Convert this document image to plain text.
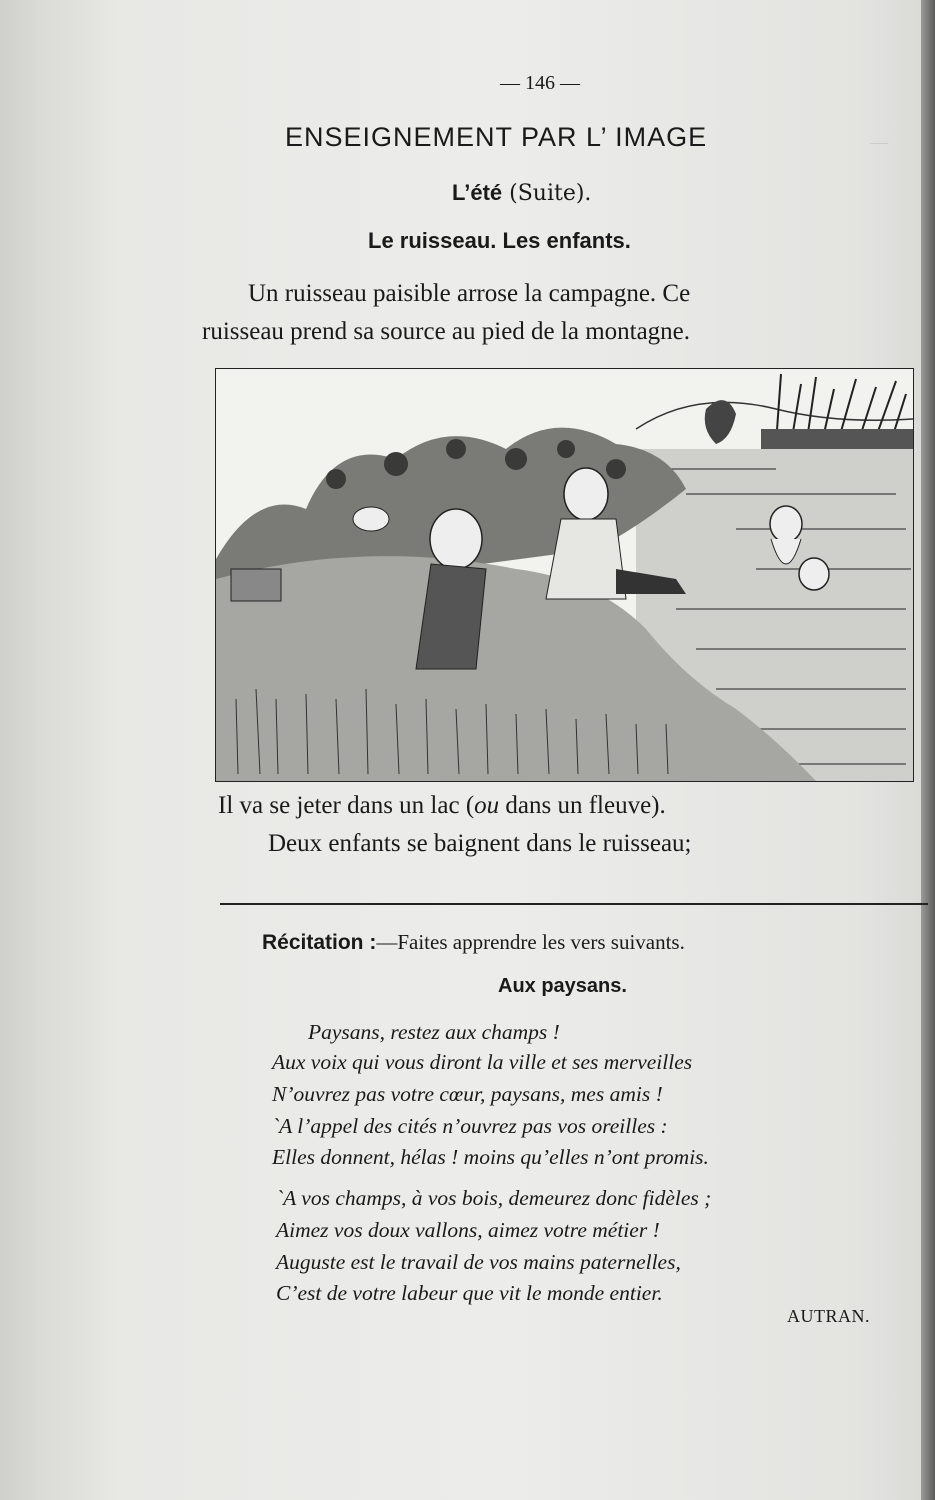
—
— 146 —
ENSEIGNEMENT PAR L’ IMAGE
L’été (Suite).
Le ruisseau. Les enfants.
Un ruisseau paisible arrose la campagne. Ce
ruisseau prend sa source au pied de la montagne.
Il va se jeter dans un lac (ou dans un fleuve).
Deux enfants se baignent dans le ruisseau;
Récitation :—Faites apprendre les vers suivants.
Aux paysans.
Paysans, restez aux champs !
Aux voix qui vous diront la ville et ses merveilles
N’ouvrez pas votre cœur, paysans, mes amis !
`A l’appel des cités n’ouvrez pas vos oreilles :
Elles donnent, hélas ! moins qu’elles n’ont promis.
`A vos champs, à vos bois, demeurez donc fidèles ;
Aimez vos doux vallons, aimez votre métier !
Auguste est le travail de vos mains paternelles,
C’est de votre labeur que vit le monde entier.
AUTRAN.
